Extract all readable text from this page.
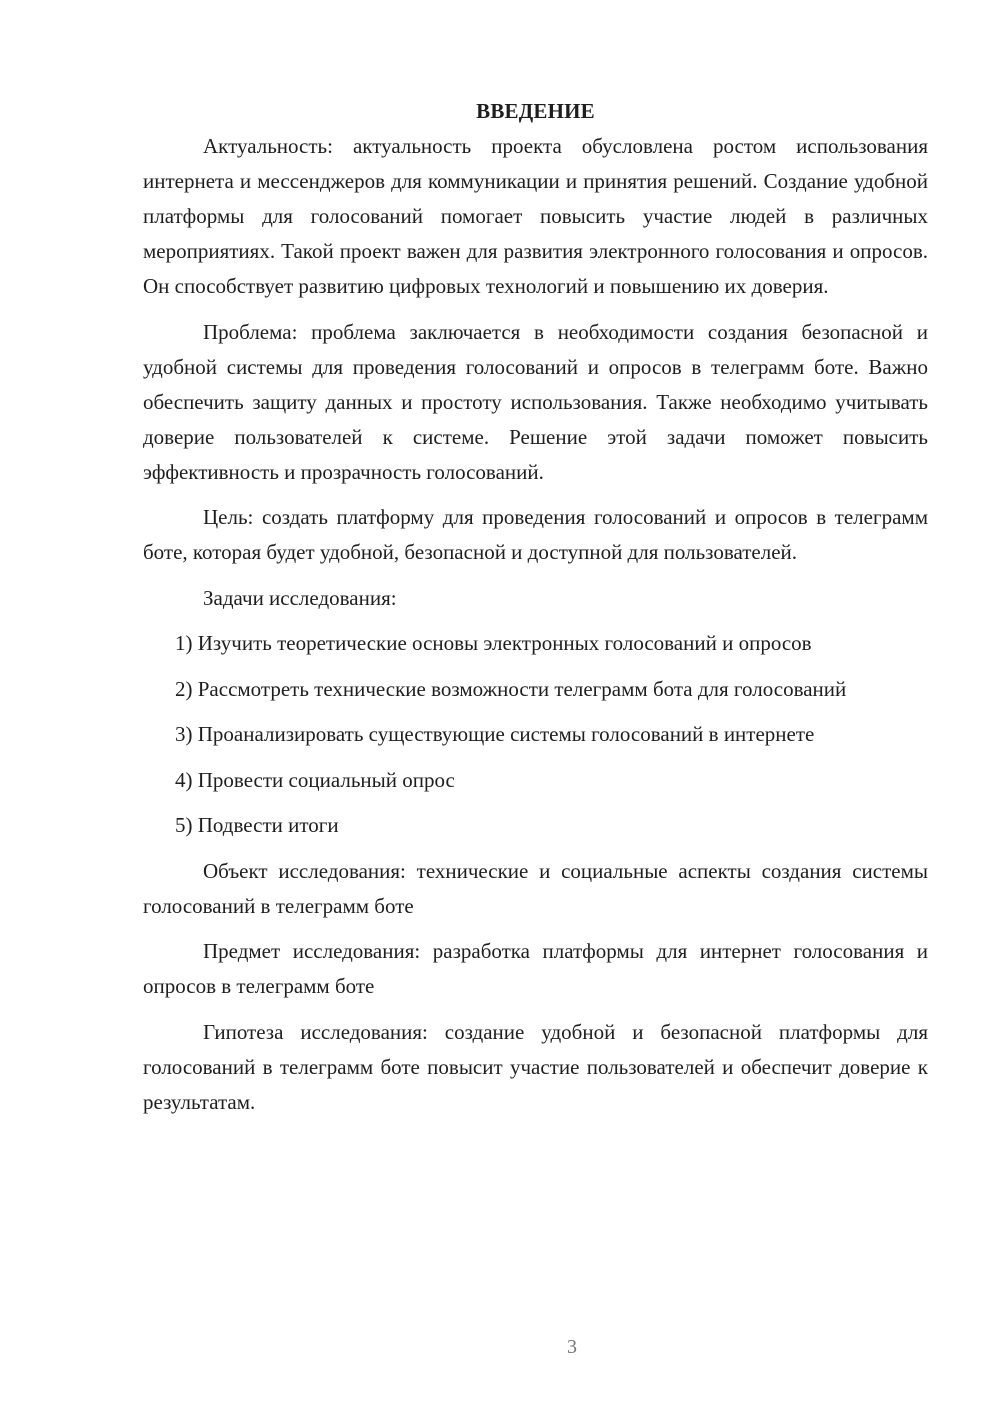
ВВЕДЕНИЕ

Актуальность: актуальность проекта обусловлена ростом использования интернета и мессенджеров для коммуникации и принятия решений. Создание удобной платформы для голосований помогает повысить участие людей в различных мероприятиях. Такой проект важен для развития электронного голосования и опросов. Он способствует развитию цифровых технологий и повышению их доверия.

Проблема: проблема заключается в необходимости создания безопасной и удобной системы для проведения голосований и опросов в телеграмм боте. Важно обеспечить защиту данных и простоту использования. Также необходимо учитывать доверие пользователей к системе. Решение этой задачи поможет повысить эффективность и прозрачность голосований.

Цель: создать платформу для проведения голосований и опросов в телеграмм боте, которая будет удобной, безопасной и доступной для пользователей.

Задачи исследования:

1) Изучить теоретические основы электронных голосований и опросов

2) Рассмотреть технические возможности телеграмм бота для голосований

3) Проанализировать существующие системы голосований в интернете

4) Провести социальный опрос

5) Подвести итоги

Объект исследования: технические и социальные аспекты создания системы голосований в телеграмм боте

Предмет исследования: разработка платформы для интернет голосования и опросов в телеграмм боте

Гипотеза исследования: создание удобной и безопасной платформы для голосований в телеграмм боте повысит участие пользователей и обеспечит доверие к результатам.

3
